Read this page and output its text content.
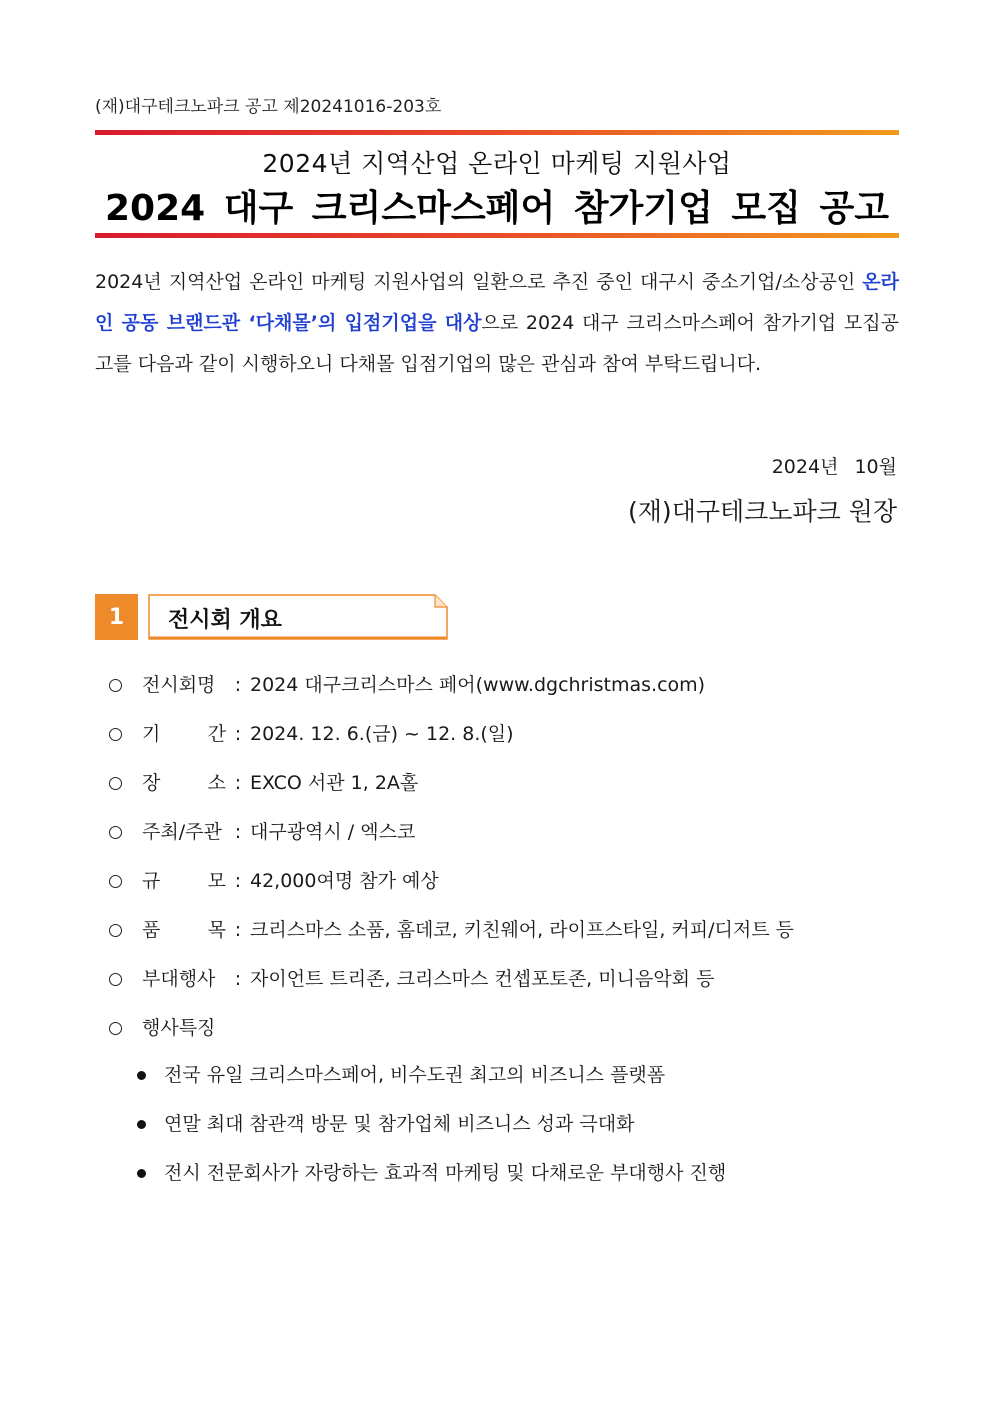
(재)대구테크노파크 공고 제20241016-203호
2024년 지역산업 온라인 마케팅 지원사업
2024 대구 크리스마스페어 참가기업 모집 공고
2024년 지역산업 온라인 마케팅 지원사업의 일환으로 추진 중인 대구시 중소기업/소상공인 온라인 공동 브랜드관 ‘다채몰’의 입점기업을 대상으로 2024 대구 크리스마스페어 참가기업 모집공고를 다음과 같이 시행하오니 다채몰 입점기업의 많은 관심과 참여 부탁드립니다.
2024년 10월
(재)대구테크노파크 원장
1	전시회 개요
전시회명	: 2024 대구크리스마스 페어(www.dgchristmas.com)
기 간 : 2024. 12. 6.(금) ~ 12. 8.(일)
장 소 : EXCO 서관 1, 2A홀
주최/주관 : 대구광역시 / 엑스코
규 모 : 42,000여명 참가 예상
품 목 : 크리스마스 소품, 홈데코, 키친웨어, 라이프스타일, 커피/디저트 등
부대행사	: 자이언트 트리존, 크리스마스 컨셉포토존, 미니음악회 등
행사특징
전국 유일 크리스마스페어, 비수도권 최고의 비즈니스 플랫폼
연말 최대 참관객 방문 및 참가업체 비즈니스 성과 극대화
전시 전문회사가 자랑하는 효과적 마케팅 및 다채로운 부대행사 진행
